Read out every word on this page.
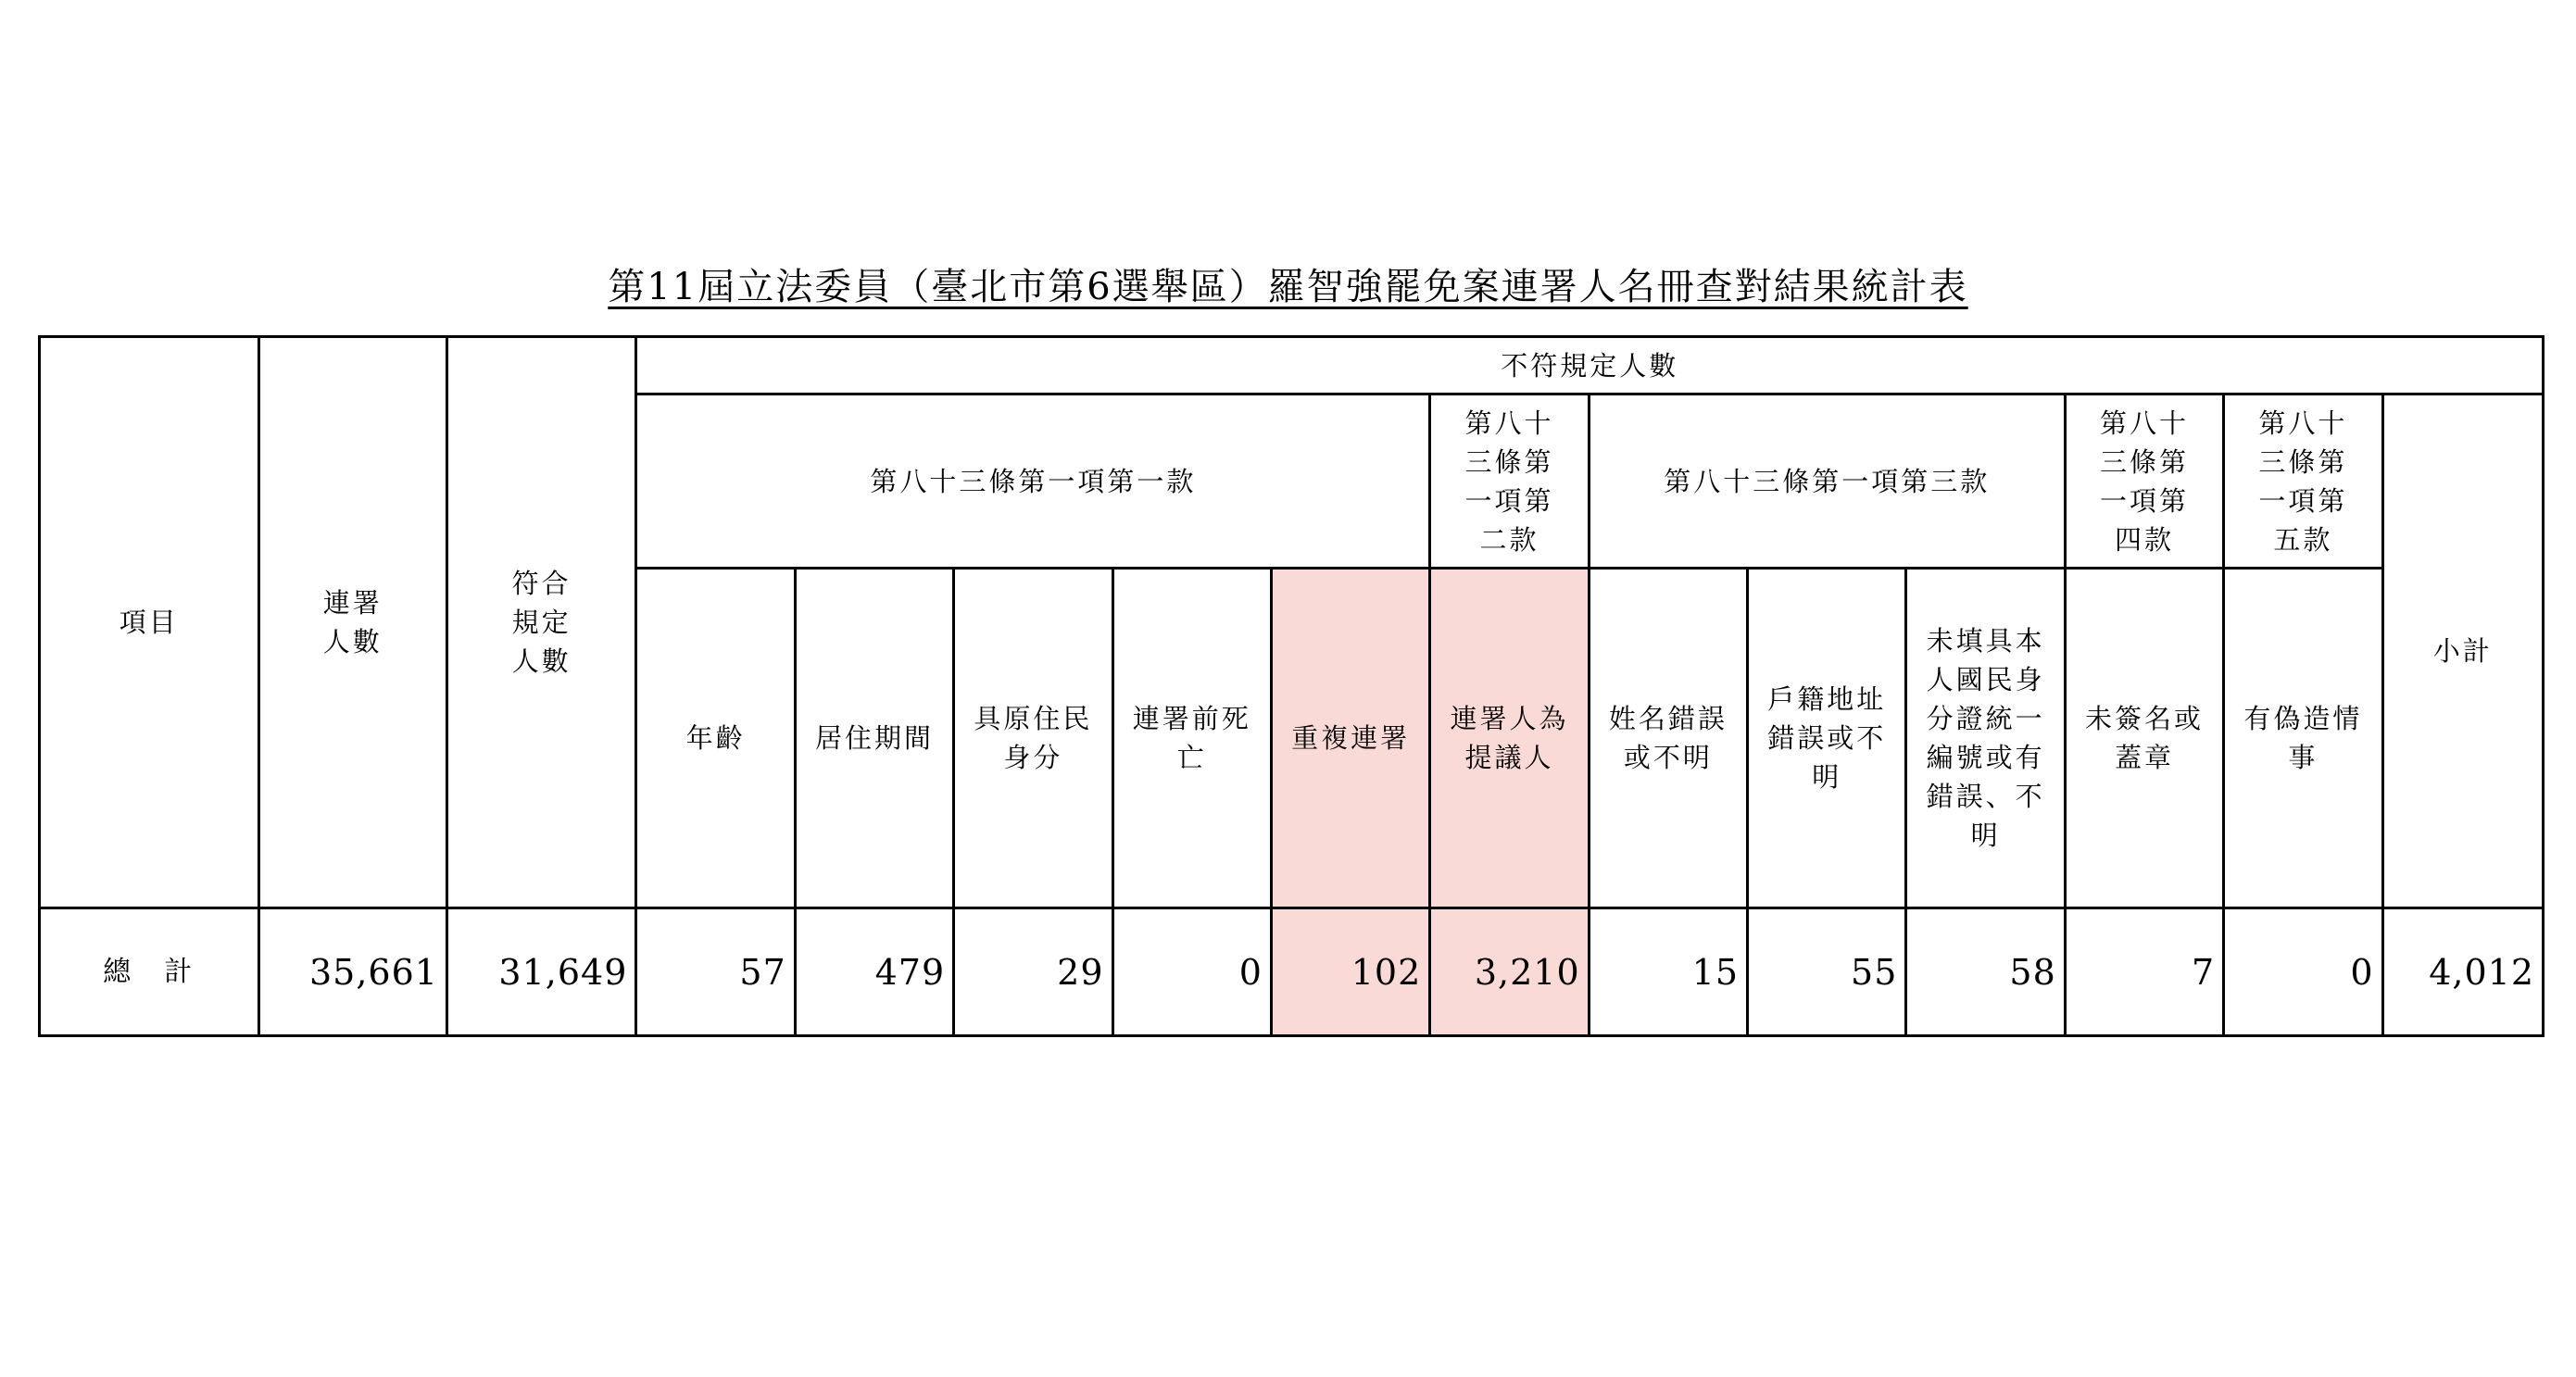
第11屆立法委員（臺北市第6選舉區）羅智強罷免案連署人名冊查對結果統計表
項目	連署人數	符合規定人數	不符規定人數											
			第八十三條第一項第一款					第八十三條第一項第二款	第八十三條第一項第三款			第八十三條第一項第四款	第八十三條第一項第五款	小計
			年齡	居住期間	具原住民身分	連署前死亡	重複連署	連署人為提議人	姓名錯誤或不明	戶籍地址錯誤或不明	未填具本人國民身分證統一編號或有錯誤、不明	未簽名或蓋章	有偽造情事	
總　計	35,661	31,649	57	479	29	0	102	3,210	15	55	58	7	0	4,012
